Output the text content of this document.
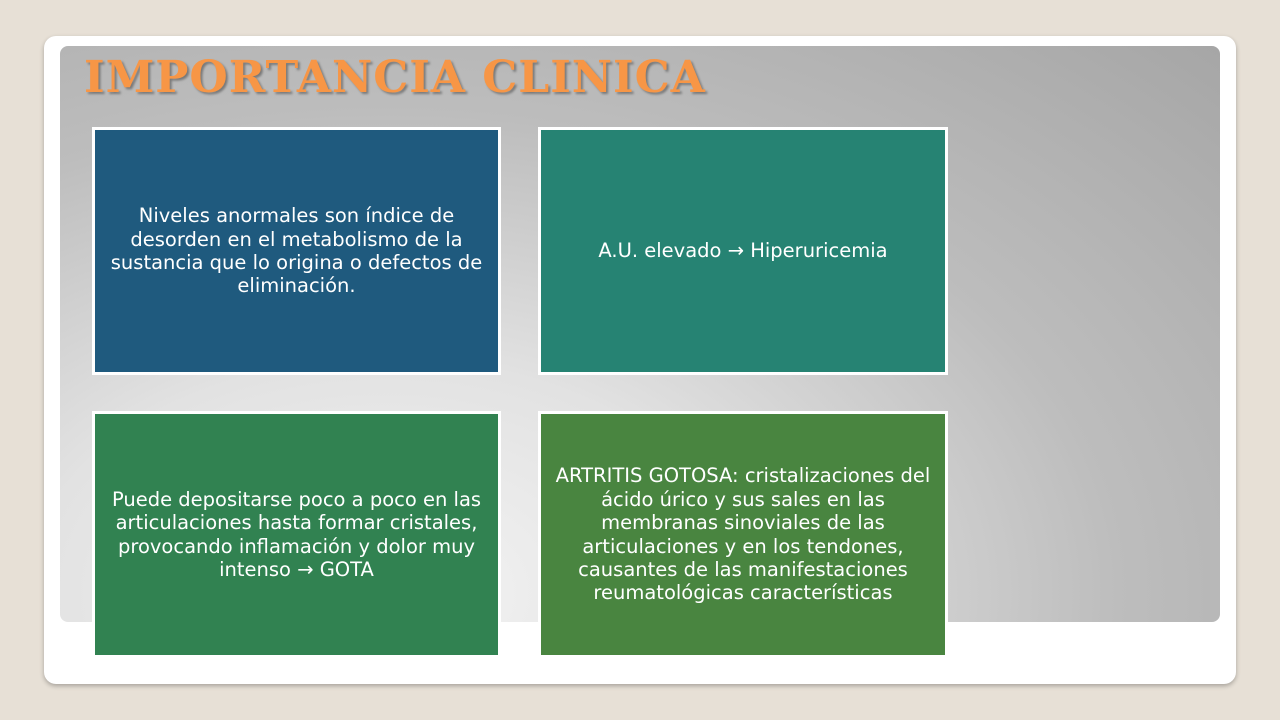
IMPORTANCIA CLINICA
Niveles anormales son índice de desorden en el metabolismo de la sustancia que lo origina o defectos de eliminación.
A.U. elevado → Hiperuricemia
Puede depositarse poco a poco en las articulaciones hasta formar cristales, provocando inflamación y dolor muy intenso → GOTA
ARTRITIS GOTOSA: cristalizaciones del ácido úrico y sus sales en las membranas sinoviales de las articulaciones y en los tendones, causantes de las manifestaciones reumatológicas características
